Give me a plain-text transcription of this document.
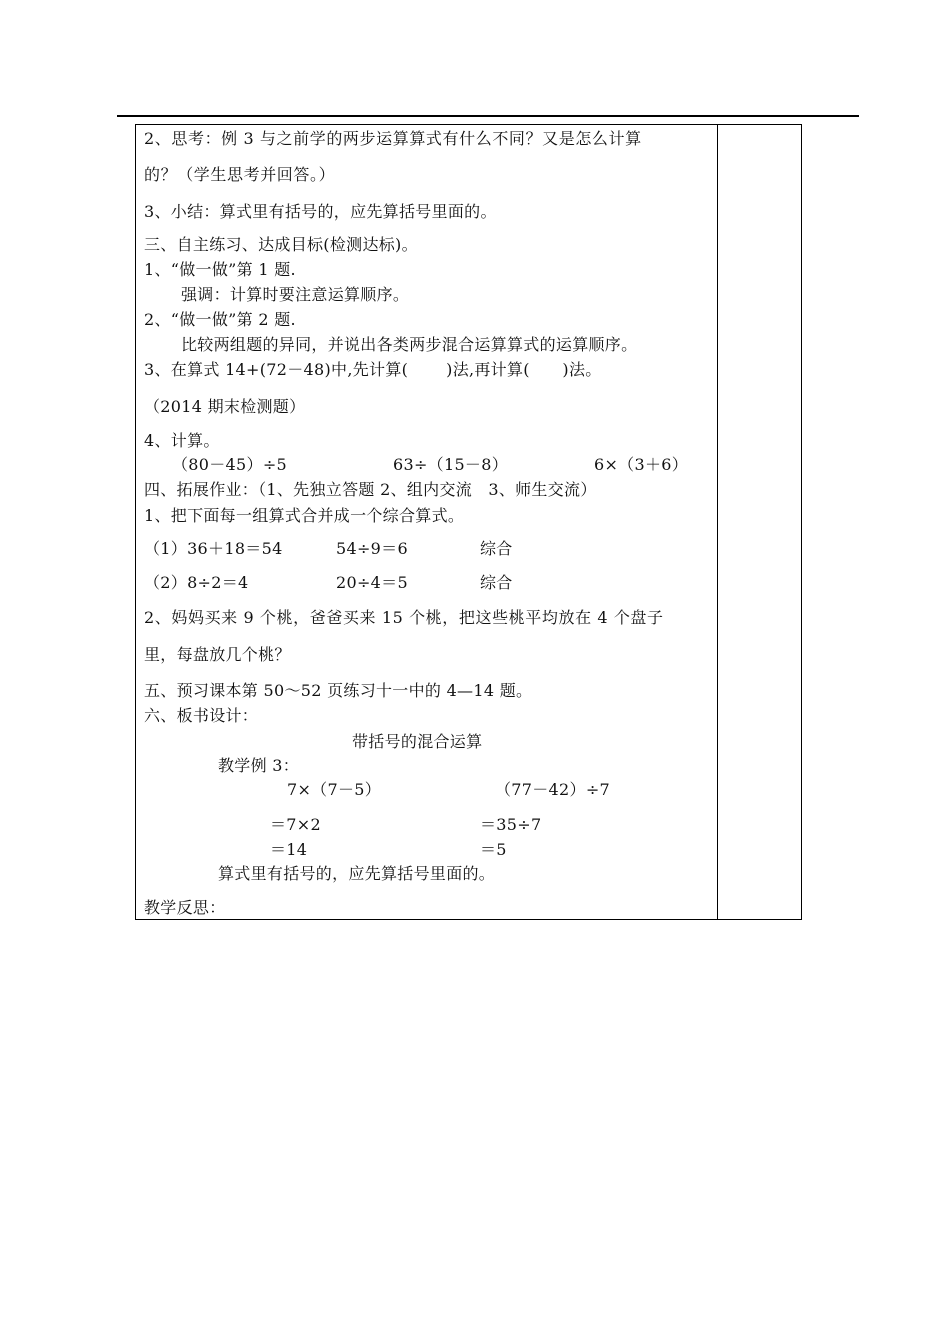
2、思考：例 3 与之前学的两步运算算式有什么不同？又是怎么计算
的？（学生思考并回答。）
3、小结：算式里有括号的，应先算括号里面的。
三、自主练习、达成目标(检测达标)。
1、“做一做”第 1 题.
强调：计算时要注意运算顺序。
2、“做一做”第 2 题.
比较两组题的异同，并说出各类两步混合运算算式的运算顺序。
3、在算式 14+(72－48)中,先计算(　　 )法,再计算(　　)法。
（2014 期末检测题）
4、计算。
（80－45）÷5	63÷（15－8）	6×（3＋6）
四、拓展作业：（1、先独立答题 2、组内交流　3、师生交流）
1、把下面每一组算式合并成一个综合算式。
（1）36＋18＝54	54÷9＝6	综合
（2）8÷2＝4	20÷4＝5	综合
2、妈妈买来 9 个桃，爸爸买来 15 个桃，把这些桃平均放在 4 个盘子
里，每盘放几个桃？
五、预习课本第 50～52 页练习十一中的 4—14 题。
六、板书设计：
带括号的混合运算
教学例 3：
7×（7－5）	（77－42）÷7
＝7×2	＝35÷7
＝14	＝5
算式里有括号的，应先算括号里面的。
教学反思：
